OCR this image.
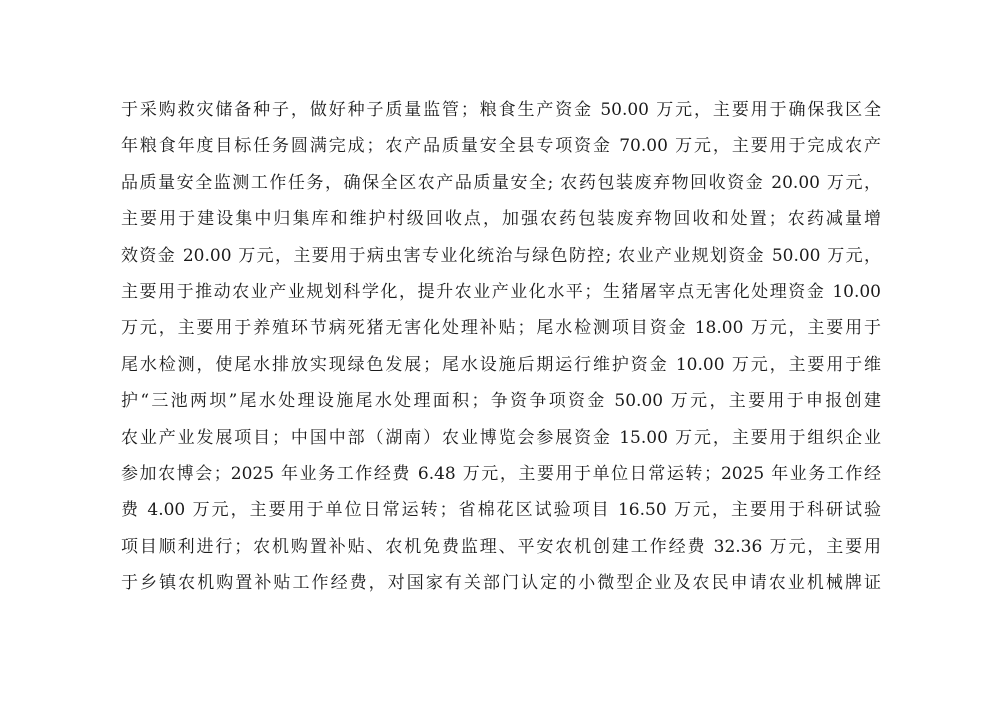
于采购救灾储备种子，做好种子质量监管；粮食生产资金 50.00 万元，主要用于确保我区全
年粮食年度目标任务圆满完成；农产品质量安全县专项资金 70.00 万元，主要用于完成农产
品质量安全监测工作任务，确保全区农产品质量安全; 农药包装废弃物回收资金 20.00 万元，
主要用于建设集中归集库和维护村级回收点，加强农药包装废弃物回收和处置；农药减量增
效资金 20.00 万元，主要用于病虫害专业化统治与绿色防控; 农业产业规划资金 50.00 万元，
主要用于推动农业产业规划科学化，提升农业产业化水平；生猪屠宰点无害化处理资金 10.00
万元，主要用于养殖环节病死猪无害化处理补贴；尾水检测项目资金 18.00 万元，主要用于
尾水检测，使尾水排放实现绿色发展；尾水设施后期运行维护资金 10.00 万元，主要用于维
护“三池两坝”尾水处理设施尾水处理面积；争资争项资金 50.00 万元，主要用于申报创建
农业产业发展项目；中国中部（湖南）农业博览会参展资金 15.00 万元，主要用于组织企业
参加农博会；2025 年业务工作经费 6.48 万元，主要用于单位日常运转；2025 年业务工作经
费 4.00 万元，主要用于单位日常运转；省棉花区试验项目 16.50 万元，主要用于科研试验
项目顺利进行；农机购置补贴、农机免费监理、平安农机创建工作经费 32.36 万元，主要用
于乡镇农机购置补贴工作经费，对国家有关部门认定的小微型企业及农民申请农业机械牌证
